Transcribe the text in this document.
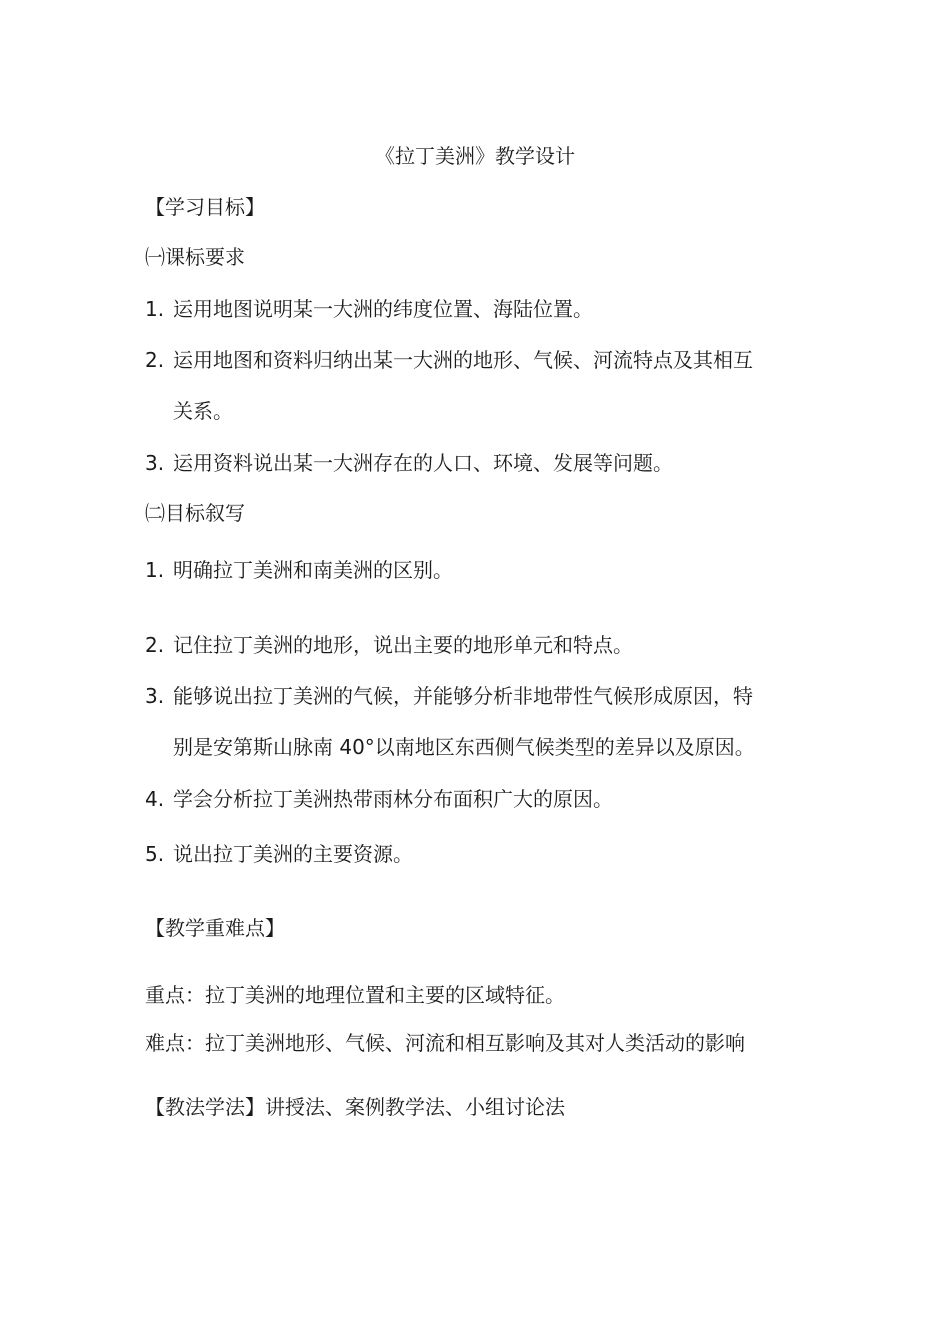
《拉丁美洲》教学设计
【学习目标】
㈠课标要求
1. 运用地图说明某一大洲的纬度位置、海陆位置。
2. 运用地图和资料归纳出某一大洲的地形、气候、河流特点及其相互
关系。
3. 运用资料说出某一大洲存在的人口、环境、发展等问题。
㈡目标叙写
1. 明确拉丁美洲和南美洲的区别。
2. 记住拉丁美洲的地形，说出主要的地形单元和特点。
3. 能够说出拉丁美洲的气候，并能够分析非地带性气候形成原因，特
别是安第斯山脉南 40°以南地区东西侧气候类型的差异以及原因。
4. 学会分析拉丁美洲热带雨林分布面积广大的原因。
5. 说出拉丁美洲的主要资源。
【教学重难点】
重点：拉丁美洲的地理位置和主要的区域特征。
难点：拉丁美洲地形、气候、河流和相互影响及其对人类活动的影响
【教法学法】讲授法、案例教学法、小组讨论法
